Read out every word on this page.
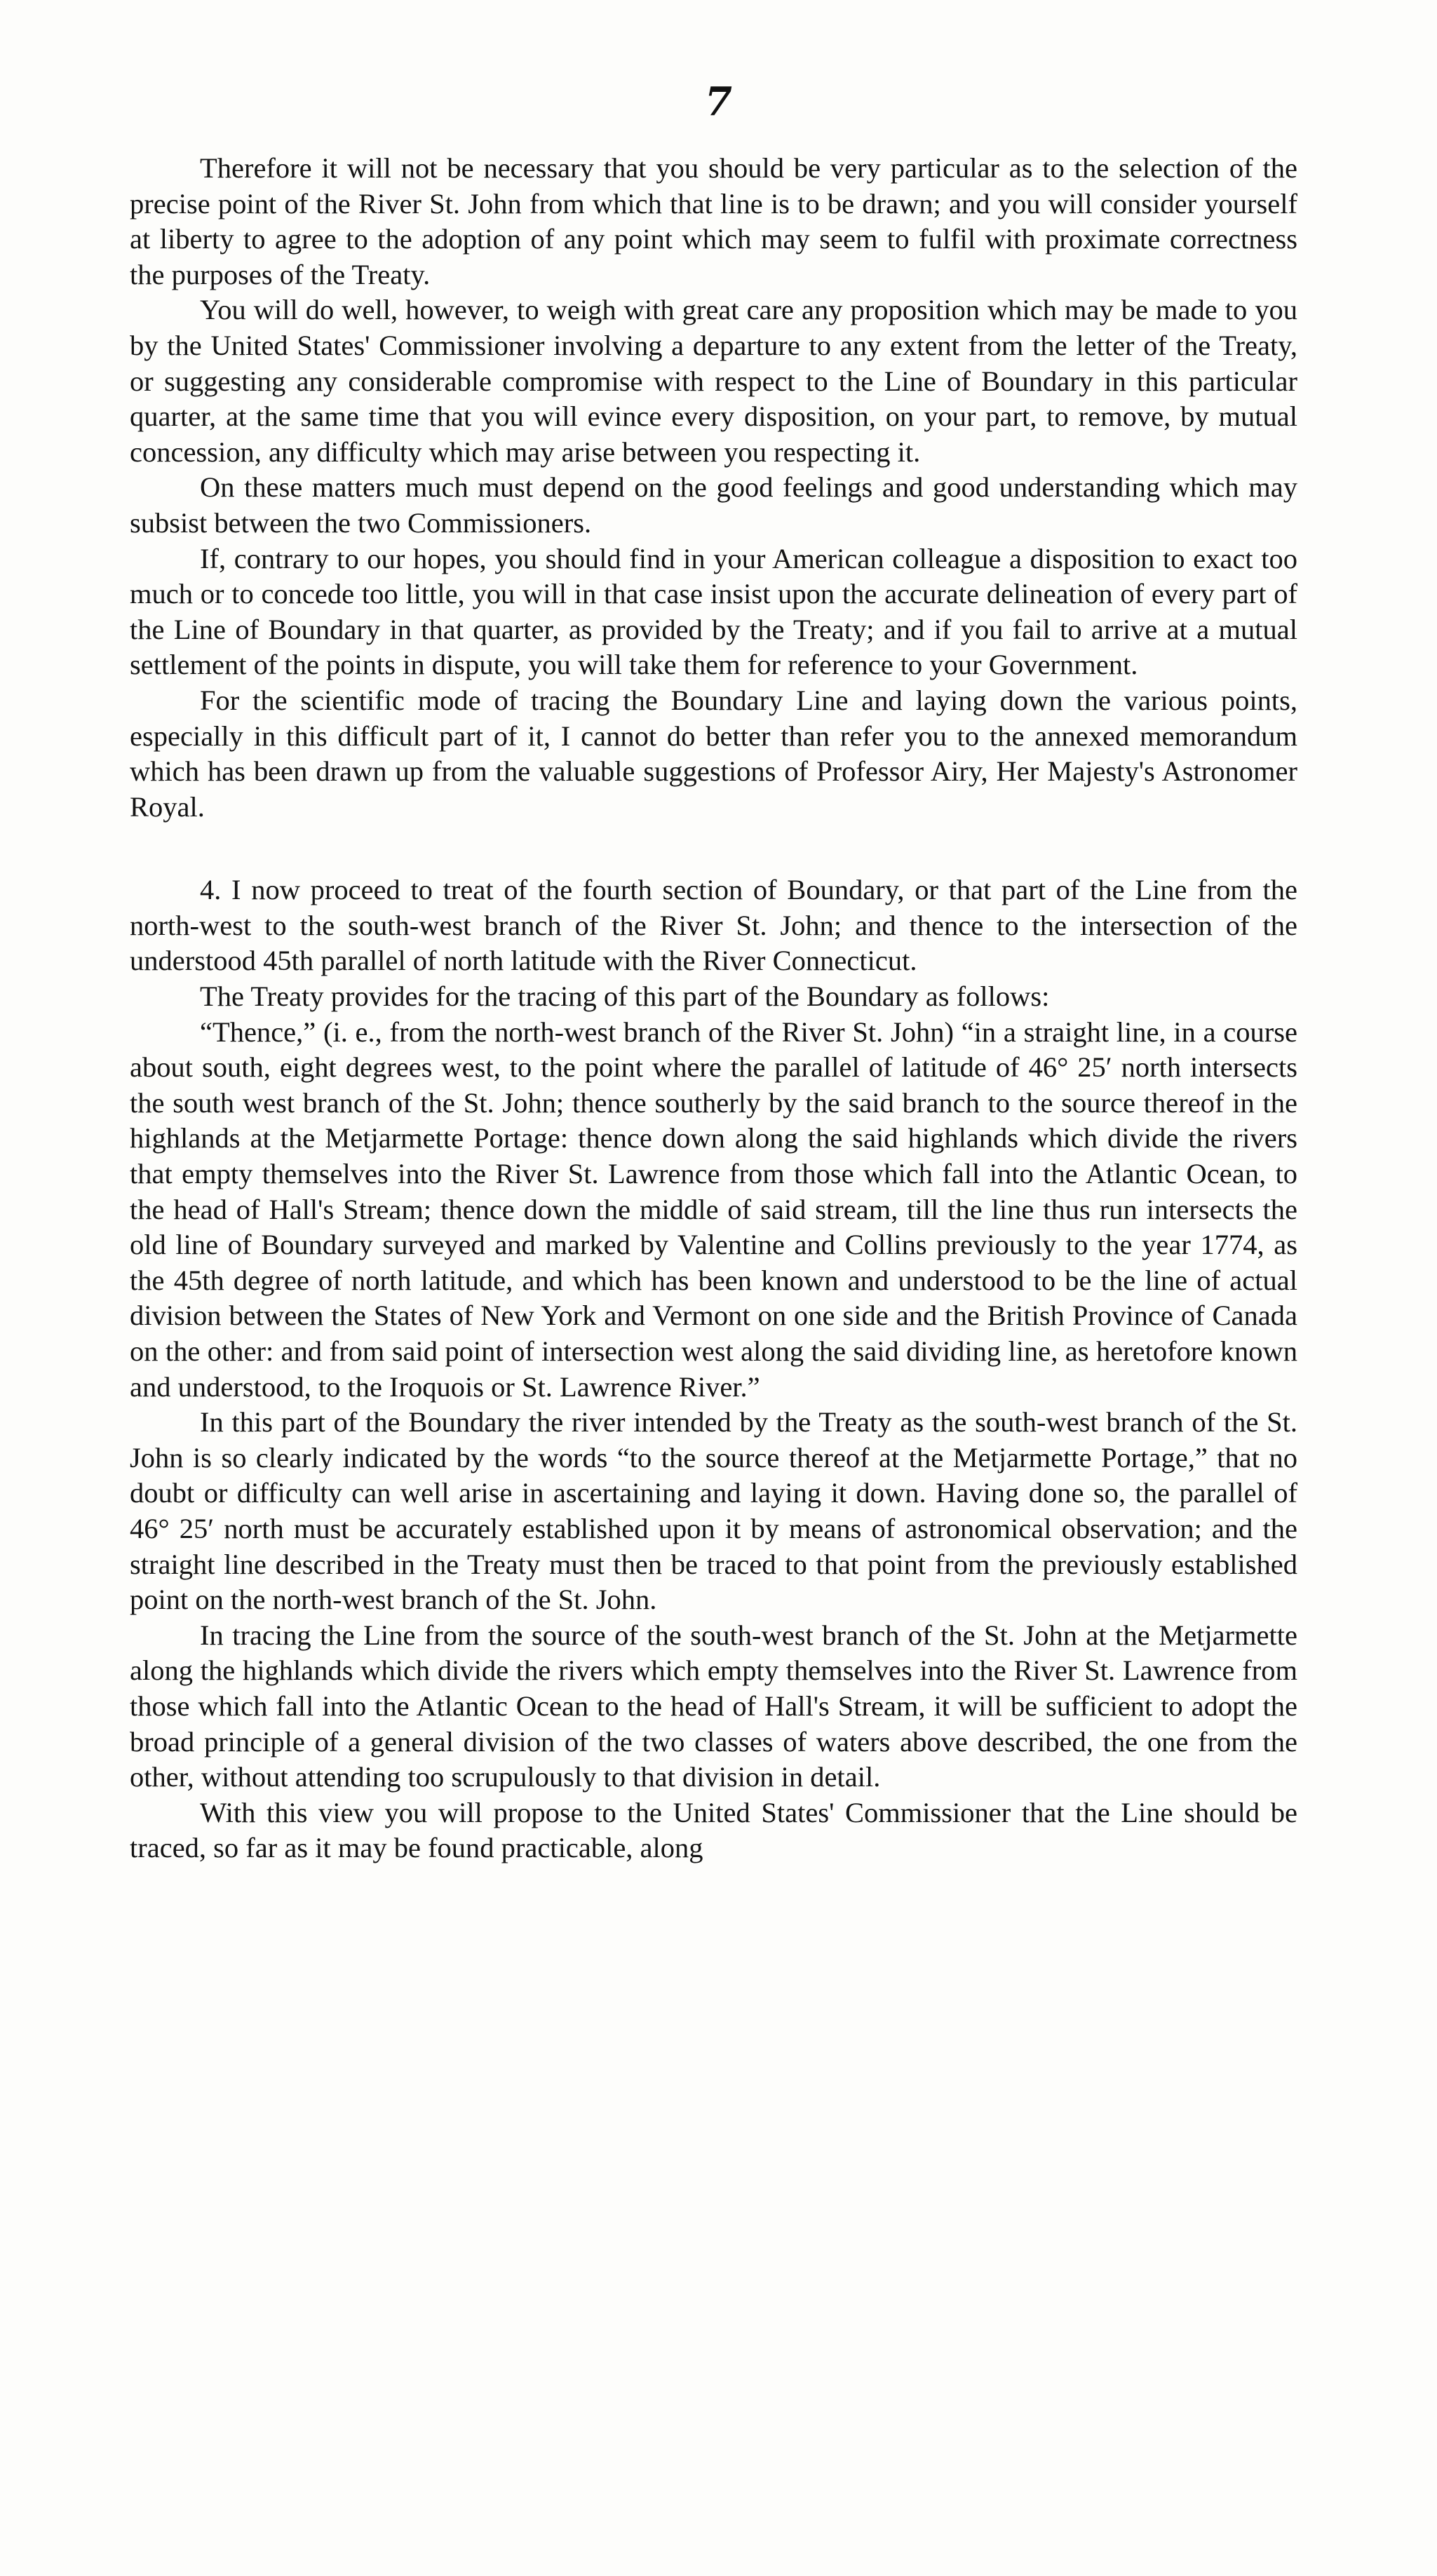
7

Therefore it will not be necessary that you should be very particular as to the selection of the precise point of the River St. John from which that line is to be drawn; and you will consider yourself at liberty to agree to the adoption of any point which may seem to fulfil with proximate correctness the purposes of the Treaty.

You will do well, however, to weigh with great care any proposition which may be made to you by the United States' Commissioner involving a departure to any extent from the letter of the Treaty, or suggesting any considerable compromise with respect to the Line of Boundary in this particular quarter, at the same time that you will evince every disposition, on your part, to remove, by mutual concession, any difficulty which may arise between you respecting it.

On these matters much must depend on the good feelings and good understanding which may subsist between the two Commissioners.

If, contrary to our hopes, you should find in your American colleague a disposition to exact too much or to concede too little, you will in that case insist upon the accurate delineation of every part of the Line of Boundary in that quarter, as provided by the Treaty; and if you fail to arrive at a mutual settlement of the points in dispute, you will take them for reference to your Government.

For the scientific mode of tracing the Boundary Line and laying down the various points, especially in this difficult part of it, I cannot do better than refer you to the annexed memorandum which has been drawn up from the valuable suggestions of Professor Airy, Her Majesty's Astronomer Royal.

4. I now proceed to treat of the fourth section of Boundary, or that part of the Line from the north-west to the south-west branch of the River St. John; and thence to the intersection of the understood 45th parallel of north latitude with the River Connecticut.

The Treaty provides for the tracing of this part of the Boundary as follows:

“Thence,” (i. e., from the north-west branch of the River St. John) “in a straight line, in a course about south, eight degrees west, to the point where the parallel of latitude of 46° 25′ north intersects the south west branch of the St. John; thence southerly by the said branch to the source thereof in the highlands at the Metjarmette Portage: thence down along the said highlands which divide the rivers that empty themselves into the River St. Lawrence from those which fall into the Atlantic Ocean, to the head of Hall's Stream; thence down the middle of said stream, till the line thus run intersects the old line of Boundary surveyed and marked by Valentine and Collins previously to the year 1774, as the 45th degree of north latitude, and which has been known and understood to be the line of actual division between the States of New York and Vermont on one side and the British Province of Canada on the other: and from said point of intersection west along the said dividing line, as heretofore known and understood, to the Iroquois or St. Lawrence River.”

In this part of the Boundary the river intended by the Treaty as the south-west branch of the St. John is so clearly indicated by the words “to the source thereof at the Metjarmette Portage,” that no doubt or difficulty can well arise in ascertaining and laying it down. Having done so, the parallel of 46° 25′ north must be accurately established upon it by means of astronomical observation; and the straight line described in the Treaty must then be traced to that point from the previously established point on the north-west branch of the St. John.

In tracing the Line from the source of the south-west branch of the St. John at the Metjarmette along the highlands which divide the rivers which empty themselves into the River St. Lawrence from those which fall into the Atlantic Ocean to the head of Hall's Stream, it will be sufficient to adopt the broad principle of a general division of the two classes of waters above described, the one from the other, without attending too scrupulously to that division in detail.

With this view you will propose to the United States' Commissioner that the Line should be traced, so far as it may be found practicable, along
